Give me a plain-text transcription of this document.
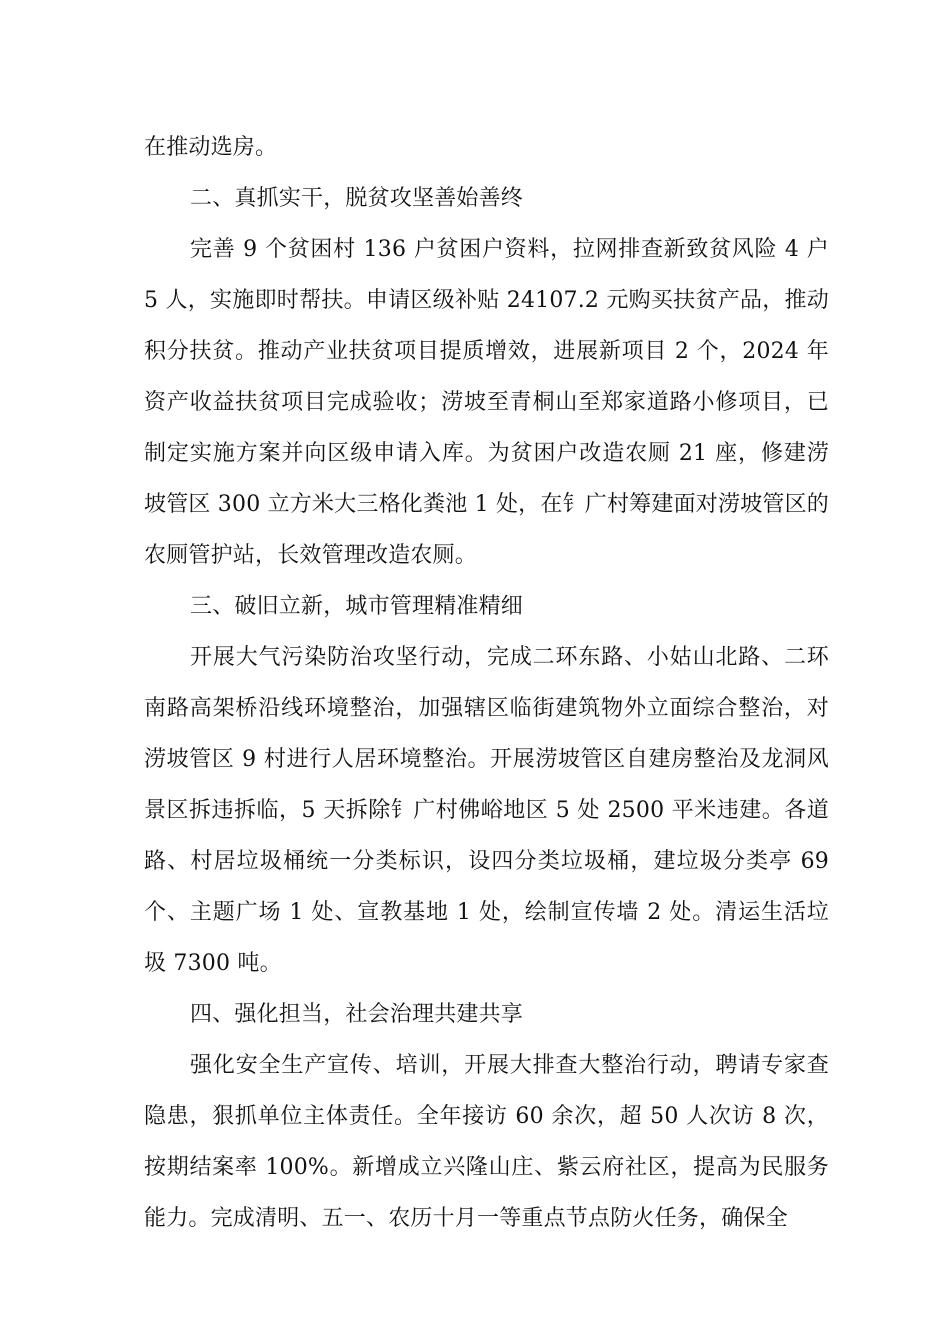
在推动选房。

二、真抓实干，脱贫攻坚善始善终

完善 9 个贫困村 136 户贫困户资料，拉网排查新致贫风险 4 户 5 人，实施即时帮扶。申请区级补贴 24107.2 元购买扶贫产品，推动积分扶贫。推动产业扶贫项目提质增效，进展新项目 2 个，2024 年资产收益扶贫项目完成验收；涝坡至青桐山至郑家道路小修项目，已制定实施方案并向区级申请入库。为贫困户改造农厕 21 座，修建涝坡管区 300 立方米大三格化粪池 1 处，在钅广村筹建面对涝坡管区的农厕管护站，长效管理改造农厕。

三、破旧立新，城市管理精准精细

开展大气污染防治攻坚行动，完成二环东路、小姑山北路、二环南路高架桥沿线环境整治，加强辖区临街建筑物外立面综合整治，对涝坡管区 9 村进行人居环境整治。开展涝坡管区自建房整治及龙洞风景区拆违拆临，5 天拆除钅广村佛峪地区 5 处 2500 平米违建。各道路、村居垃圾桶统一分类标识，设四分类垃圾桶，建垃圾分类亭 69 个、主题广场 1 处、宣教基地 1 处，绘制宣传墙 2 处。清运生活垃圾 7300 吨。

四、强化担当，社会治理共建共享

强化安全生产宣传、培训，开展大排查大整治行动，聘请专家查隐患，狠抓单位主体责任。全年接访 60 余次，超 50 人次访 8 次，按期结案率 100%。新增成立兴隆山庄、紫云府社区，提高为民服务能力。完成清明、五一、农历十月一等重点节点防火任务，确保全
